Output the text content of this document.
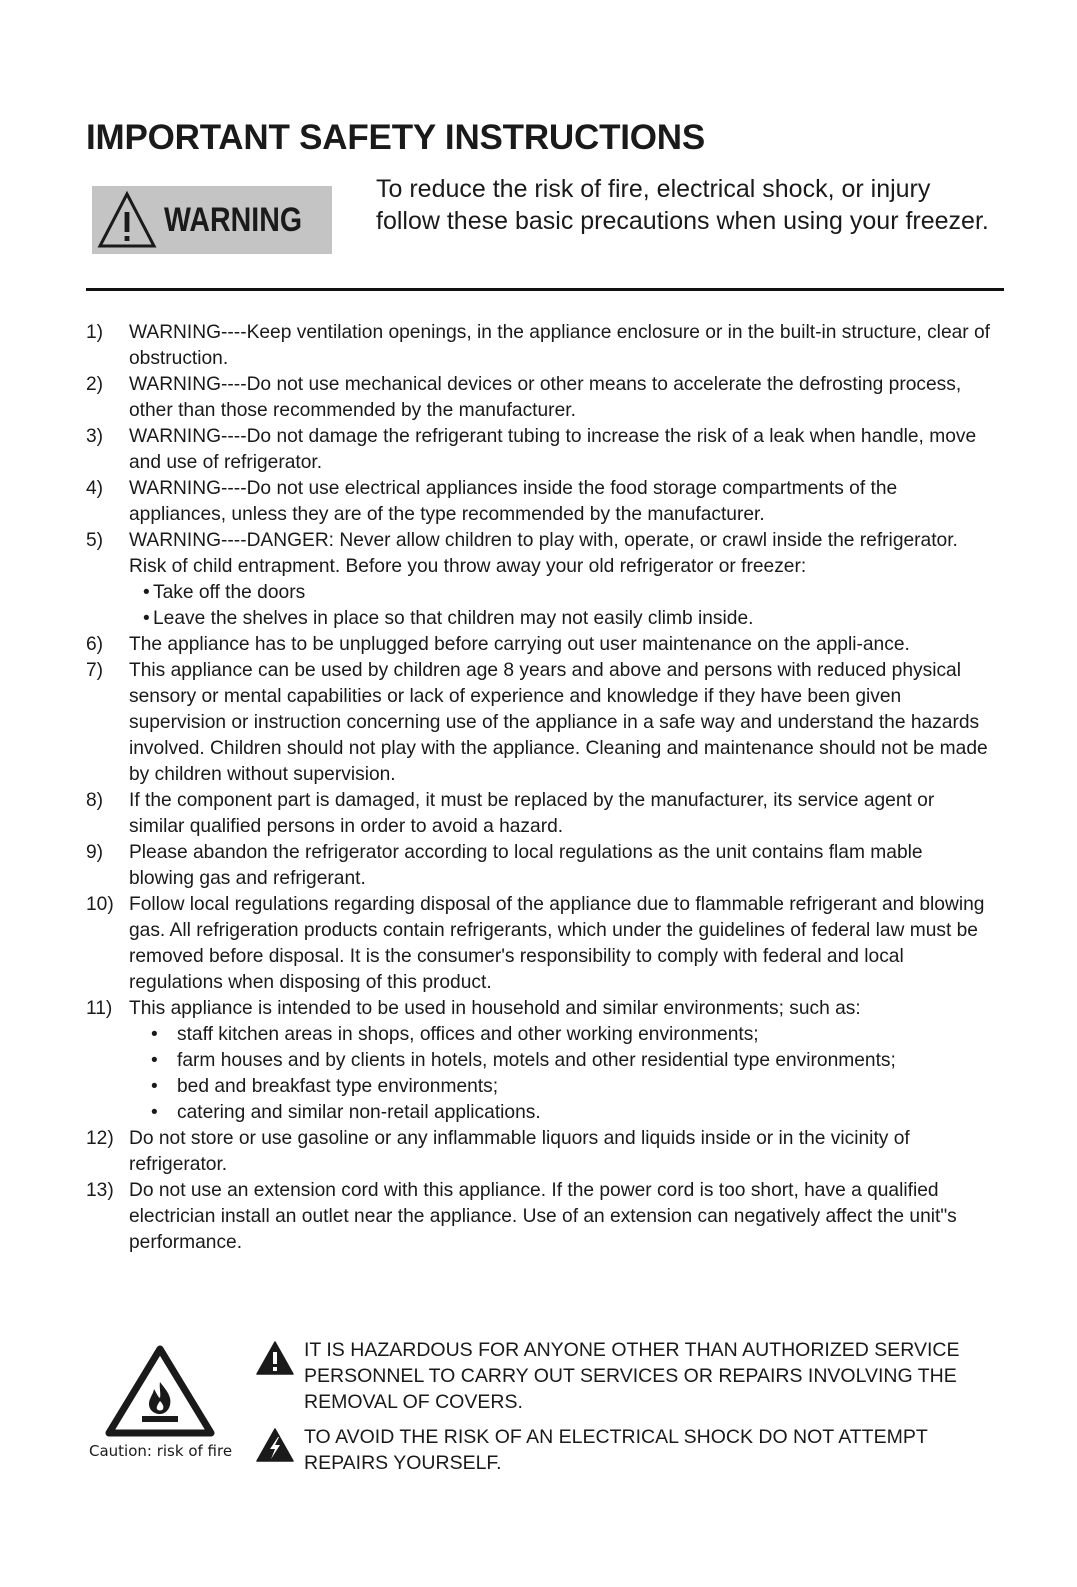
IMPORTANT SAFETY INSTRUCTIONS
WARNING

To reduce the risk of fire, electrical shock, or injury follow these basic precautions when using your freezer.

1) WARNING----Keep ventilation openings, in the appliance enclosure or in the built-in structure, clear of obstruction.
2) WARNING----Do not use mechanical devices or other means to accelerate the defrosting process, other than those recommended by the manufacturer.
3) WARNING----Do not damage the refrigerant tubing to increase the risk of a leak when handle, move and use of refrigerator.
4) WARNING----Do not use electrical appliances inside the food storage compartments of the appliances, unless they are of the type recommended by the manufacturer.
5) WARNING----DANGER: Never allow children to play with, operate, or crawl inside the refrigerator. Risk of child entrapment. Before you throw away your old refrigerator or freezer:
• Take off the doors
• Leave the shelves in place so that children may not easily climb inside.
6) The appliance has to be unplugged before carrying out user maintenance on the appli-ance.
7) This appliance can be used by children age 8 years and above and persons with reduced physical sensory or mental capabilities or lack of experience and knowledge if they have been given supervision or instruction concerning use of the appliance in a safe way and understand the hazards involved. Children should not play with the appliance. Cleaning and maintenance should not be made by children without supervision.
8) If the component part is damaged, it must be replaced by the manufacturer, its service agent or similar qualified persons in order to avoid a hazard.
9) Please abandon the refrigerator according to local regulations as the unit contains flam mable blowing gas and refrigerant.
10) Follow local regulations regarding disposal of the appliance due to flammable refrigerant and blowing gas. All refrigeration products contain refrigerants, which under the guidelines of federal law must be removed before disposal. It is the consumer's responsibility to comply with federal and local regulations when disposing of this product.
11) This appliance is intended to be used in household and similar environments; such as:
• staff kitchen areas in shops, offices and other working environments;
• farm houses and by clients in hotels, motels and other residential type environments;
• bed and breakfast type environments;
• catering and similar non-retail applications.
12) Do not store or use gasoline or any inflammable liquors and liquids inside or in the vicinity of refrigerator.
13) Do not use an extension cord with this appliance. If the power cord is too short, have a qualified electrician install an outlet near the appliance. Use of an extension can negatively affect the unit"s performance.
Caution: risk of fire

IT IS HAZARDOUS FOR ANYONE OTHER THAN AUTHORIZED SERVICE PERSONNEL TO CARRY OUT SERVICES OR REPAIRS INVOLVING THE REMOVAL OF COVERS.

TO AVOID THE RISK OF AN ELECTRICAL SHOCK DO NOT ATTEMPT REPAIRS YOURSELF.
